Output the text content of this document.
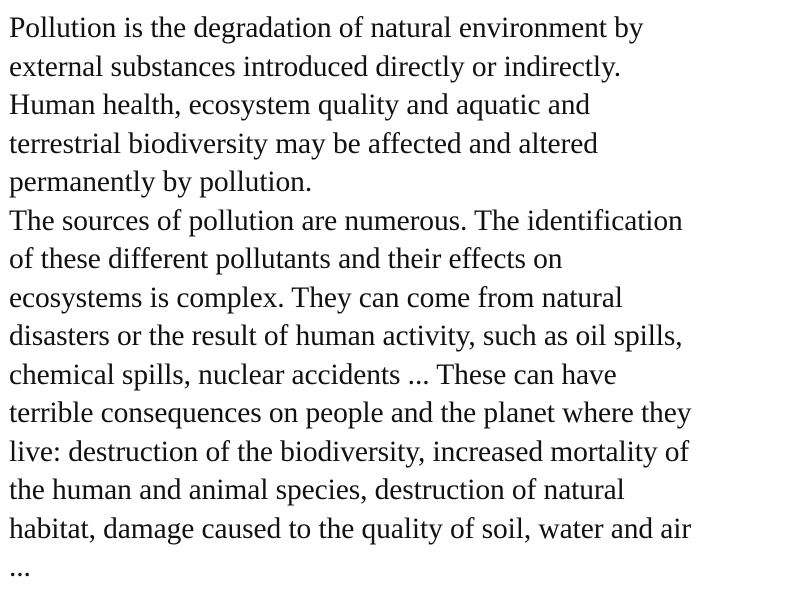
Pollution is the degradation of natural environment by
external substances introduced directly or indirectly.
Human health, ecosystem quality and aquatic and
terrestrial biodiversity may be affected and altered
permanently by pollution.
The sources of pollution are numerous. The identification
of these different pollutants and their effects on
ecosystems is complex. They can come from natural
disasters or the result of human activity, such as oil spills,
chemical spills, nuclear accidents ... These can have
terrible consequences on people and the planet where they
live: destruction of the biodiversity, increased mortality of
the human and animal species, destruction of natural
habitat, damage caused to the quality of soil, water and air
...
